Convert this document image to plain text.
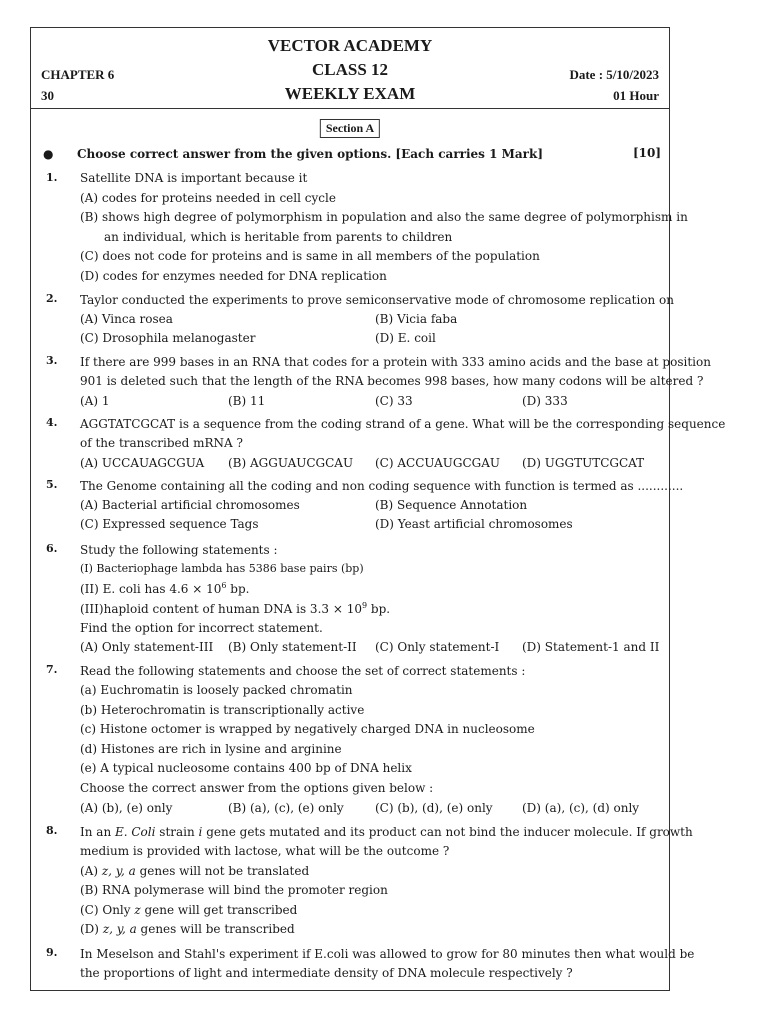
VECTOR ACADEMY
CLASS 12
WEEKLY EXAM
CHAPTER 6
30
Date : 5/10/2023
01 Hour
Section A
● Choose correct answer from the given options. [Each carries 1 Mark]	[10]
1. Satellite DNA is important because it
(A) codes for proteins needed in cell cycle
(B) shows high degree of polymorphism in population and also the same degree of polymorphism in
an individual, which is heritable from parents to children
(C) does not code for proteins and is same in all members of the population
(D) codes for enzymes needed for DNA replication
2. Taylor conducted the experiments to prove semiconservative mode of chromosome replication on
(A) Vinca rosea	(B) Vicia faba
(C) Drosophila melanogaster	(D) E. coil
3. If there are 999 bases in an RNA that codes for a protein with 333 amino acids and the base at position
901 is deleted such that the length of the RNA becomes 998 bases, how many codons will be altered ?
(A) 1	(B) 11	(C) 33	(D) 333
4. AGGTATCGCAT is a sequence from the coding strand of a gene. What will be the corresponding sequence
of the transcribed mRNA ?
(A) UCCAUAGCGUA (B) AGGUAUCGCAU (C) ACCUAUGCGAU (D) UGGTUTCGCAT
5. The Genome containing all the coding and non coding sequence with function is termed as ............
(A) Bacterial artificial chromosomes	(B) Sequence Annotation
(C) Expressed sequence Tags	(D) Yeast artificial chromosomes
6. Study the following statements :
(I) Bacteriophage lambda has 5386 base pairs (bp)
(II) E. coli has $4.6 \times 10^6$ bp.
(III)haploid content of human DNA is $3.3 \times 10^9$ bp.
Find the option for incorrect statement.
(A) Only statement-III (B) Only statement-II (C) Only statement-I (D) Statement-1 and II
7. Read the following statements and choose the set of correct statements :
(a) Euchromatin is loosely packed chromatin
(b) Heterochromatin is transcriptionally active
(c) Histone octomer is wrapped by negatively charged DNA in nucleosome
(d) Histones are rich in lysine and arginine
(e) A typical nucleosome contains 400 bp of DNA helix
Choose the correct answer from the options given below :
(A) (b), (e) only	(B) (a), (c), (e) only	(C) (b), (d), (e) only (D) (a), (c), (d) only
8. In an E. Coli strain i gene gets mutated and its product can not bind the inducer molecule. If growth
medium is provided with lactose, what will be the outcome ?
(A) z, y, a genes will not be translated
(B) RNA polymerase will bind the promoter region
(C) Only z gene will get transcribed
(D) z, y, a genes will be transcribed
9. In Meselson and Stahl's experiment if E.coli was allowed to grow for 80 minutes then what would be
the proportions of light and intermediate density of DNA molecule respectively ?
